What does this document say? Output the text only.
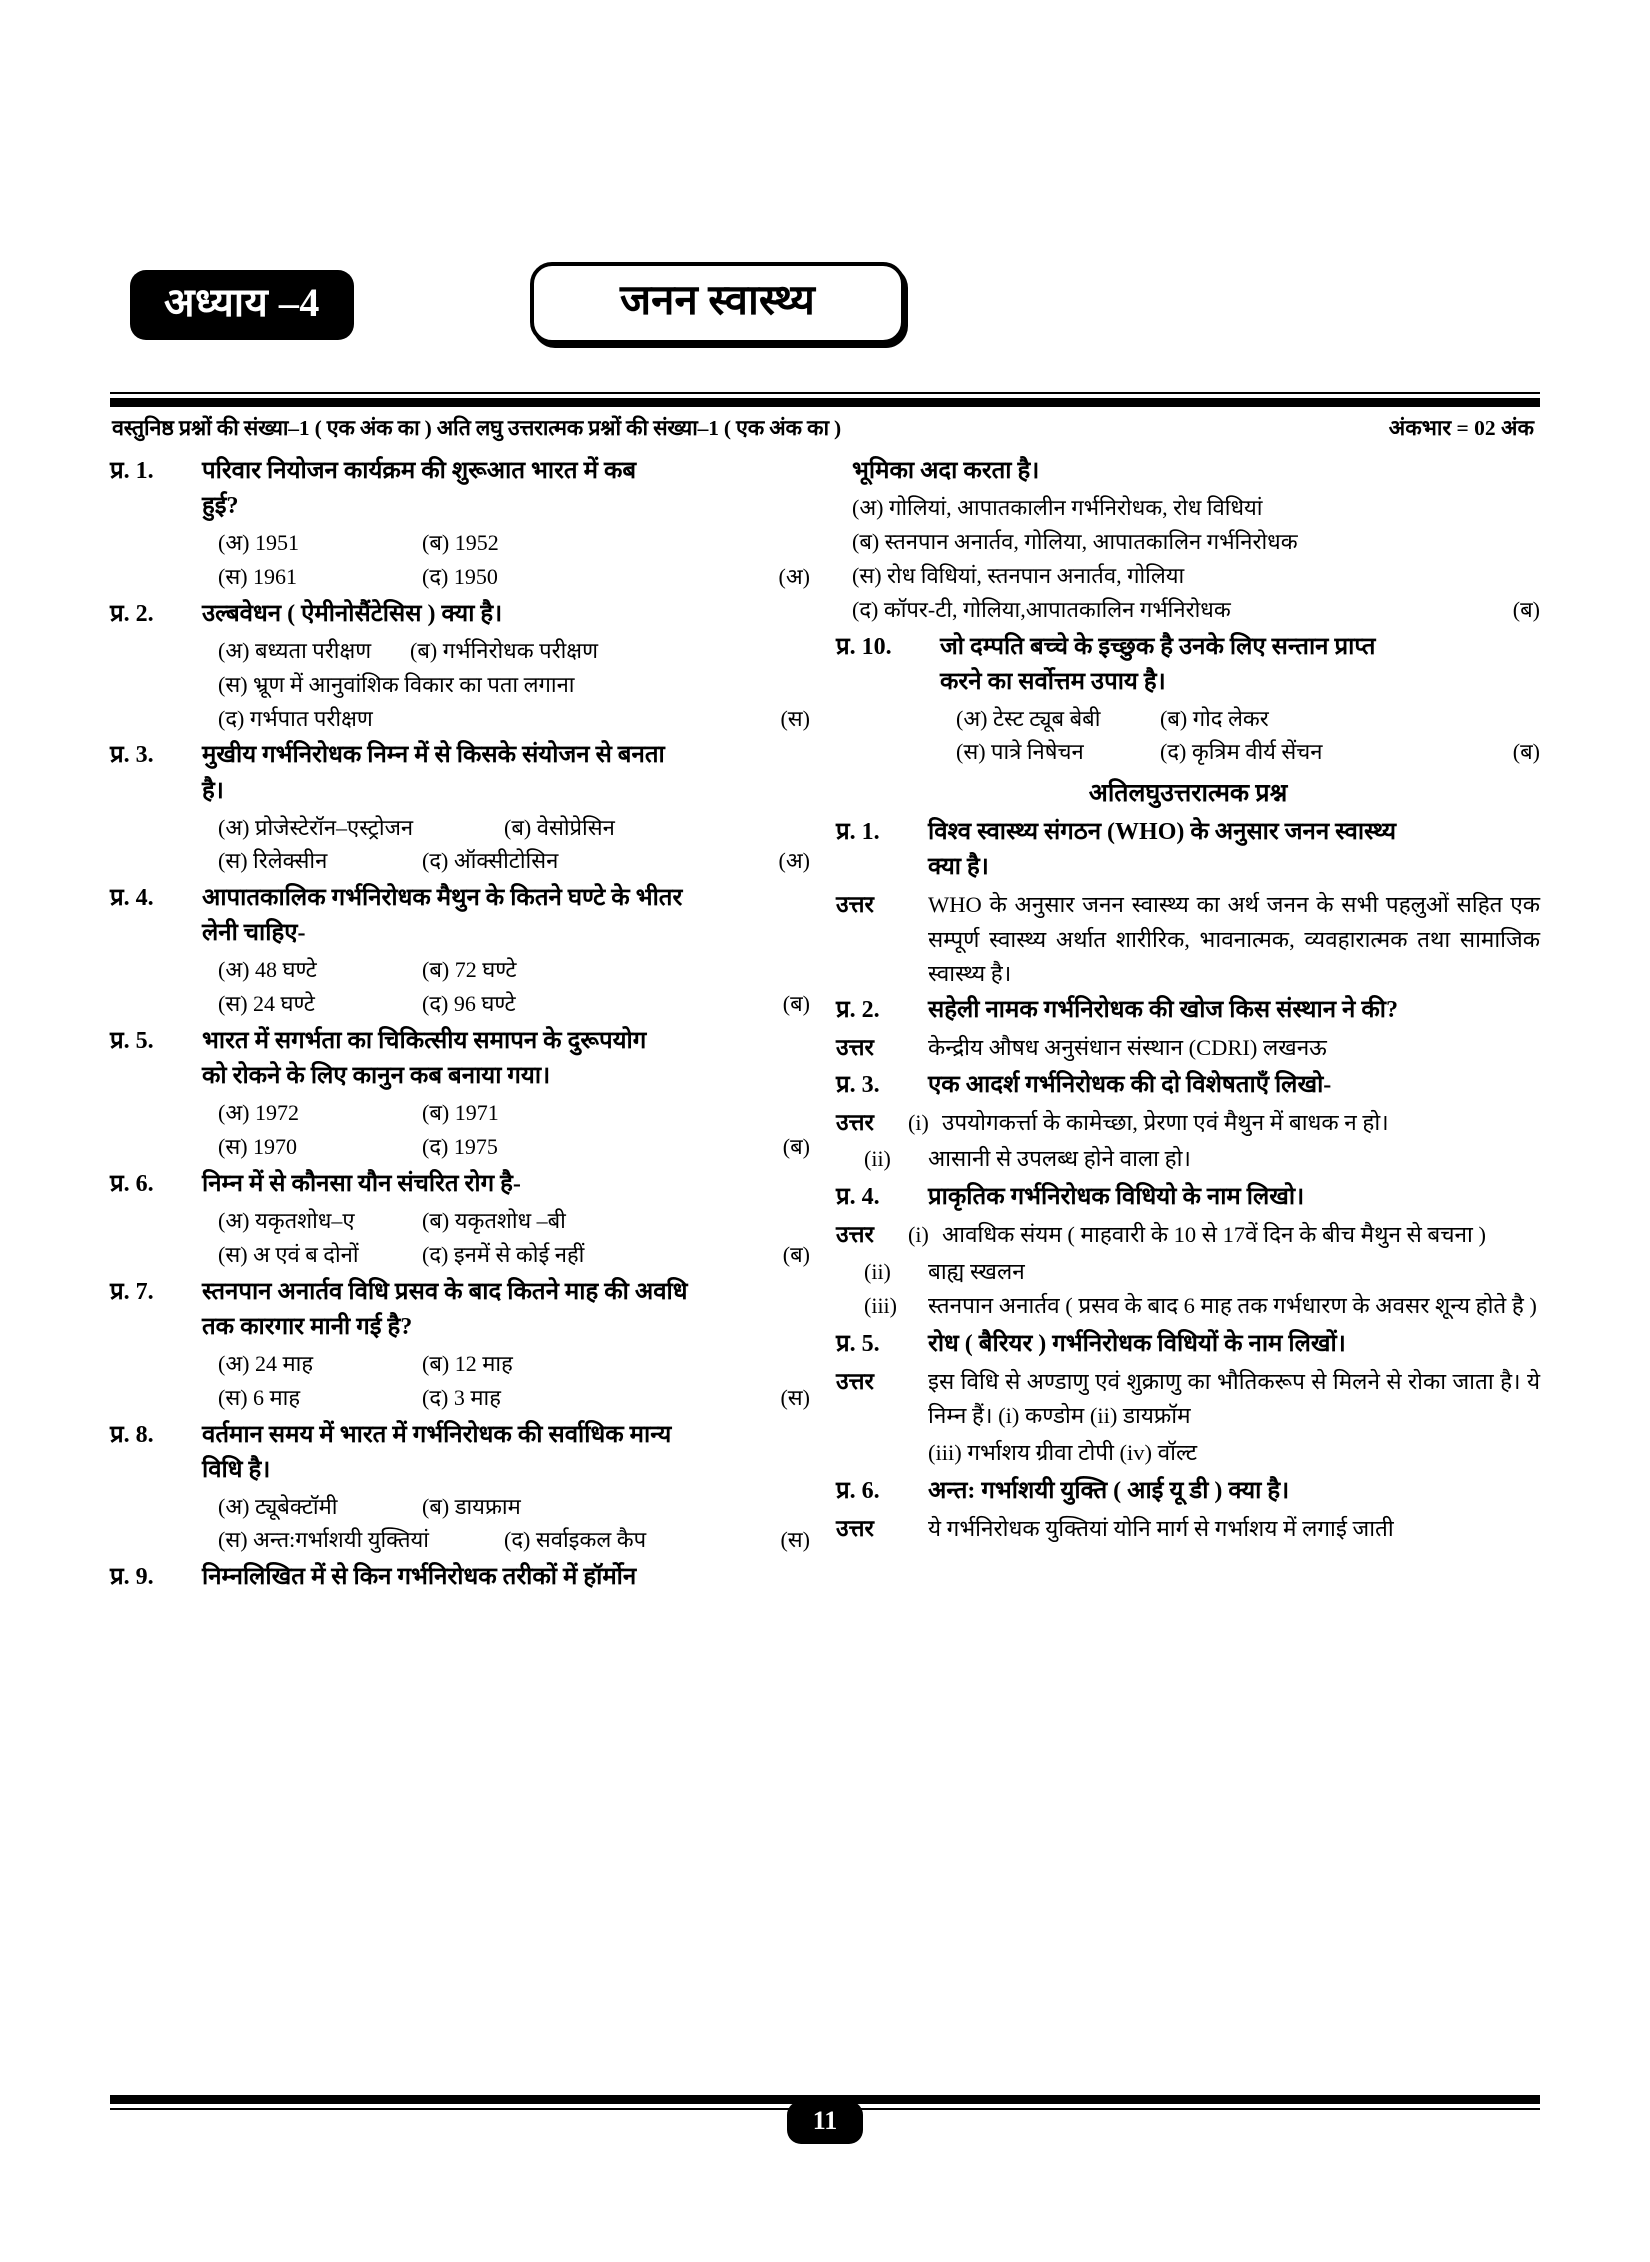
अध्याय –4	जनन स्वास्थ्य
वस्तुनिष्ठ प्रश्नों की संख्या–1 ( एक अंक का ) अति लघु उत्तरात्मक प्रश्नों की संख्या–1 ( एक अंक का )	अंकभार = 02 अंक
प्र. 1.	परिवार नियोजन कार्यक्रम की शुरूआत भारत में कब
हुई?
(अ) 1951	(ब) 1952
(स) 1961	(द) 1950	(अ)
प्र. 2.	उल्बवेधन ( ऐमीनोसैंटेसिस ) क्या है।
(अ) बध्यता परीक्षण	(ब) गर्भनिरोधक परीक्षण
(स) भ्रूण में आनुवांशिक विकार का पता लगाना
(द) गर्भपात परीक्षण	(स)
प्र. 3.	मुखीय गर्भनिरोधक निम्न में से किसके संयोजन से बनता
है।
(अ) प्रोजेस्टेरॉन–एस्ट्रोजन	(ब) वेसोप्रेसिन
(स) रिलेक्सीन	(द) ऑक्सीटोसिन	(अ)
प्र. 4.	आपातकालिक गर्भनिरोधक मैथुन के कितने घण्टे के भीतर
लेनी चाहिए-
(अ) 48 घण्टे	(ब) 72 घण्टे
(स) 24 घण्टे	(द) 96 घण्टे	(ब)
प्र. 5.	भारत में सगर्भता का चिकित्सीय समापन के दुरूपयोग
को रोकने के लिए कानुन कब बनाया गया।
(अ) 1972	(ब) 1971
(स) 1970	(द) 1975	(ब)
प्र. 6.	निम्न में से कौनसा यौन संचरित रोग है-
(अ) यकृतशोध–ए	(ब) यकृतशोध –बी
(स) अ एवं ब दोनों	(द) इनमें से कोई नहीं	(ब)
प्र. 7.	स्तनपान अनार्तव विधि प्रसव के बाद कितने माह की अवधि
तक कारगार मानी गई है?
(अ) 24 माह	(ब) 12 माह
(स) 6 माह	(द) 3 माह	(स)
प्र. 8.	वर्तमान समय में भारत में गर्भनिरोधक की सर्वाधिक मान्य
विधि है।
(अ) ट्यूबेक्टॉमी	(ब) डायफ्राम
(स) अन्त:गर्भाशयी युक्तियां	(द) सर्वाइकल कैप	(स)
प्र. 9.	निम्नलिखित में से किन गर्भनिरोधक तरीकों में हॉर्मोन
भूमिका अदा करता है।
(अ) गोलियां, आपातकालीन गर्भनिरोधक, रोध विधियां
(ब) स्तनपान अनार्तव, गोलिया, आपातकालिन गर्भनिरोधक
(स) रोध विधियां, स्तनपान अनार्तव, गोलिया
(द) कॉपर-टी, गोलिया,आपातकालिन गर्भनिरोधक	(ब)
प्र. 10.	जो दम्पति बच्चे के इच्छुक है उनके लिए सन्तान प्राप्त
करने का सर्वोत्तम उपाय है।
(अ) टेस्ट ट्यूब बेबी	(ब) गोद लेकर
(स) पात्रे निषेचन	(द) कृत्रिम वीर्य सेंचन	(ब)
अतिलघुउत्तरात्मक प्रश्न
प्र. 1.	विश्व स्वास्थ्य संगठन (WHO) के अनुसार जनन स्वास्थ्य
क्या है।
उत्तर	WHO के अनुसार जनन स्वास्थ्य का अर्थ जनन के सभी पहलुओं सहित एक सम्पूर्ण स्वास्थ्य अर्थात शारीरिक, भावनात्मक, व्यवहारात्मक तथा सामाजिक स्वास्थ्य है।
प्र. 2.	सहेली नामक गर्भनिरोधक की खोज किस संस्थान ने की?
उत्तर	केन्द्रीय औषध अनुसंधान संस्थान (CDRI) लखनऊ
प्र. 3.	एक आदर्श गर्भनिरोधक की दो विशेषताएँ लिखो-
उत्तर	(i) उपयोगकर्त्ता के कामेच्छा, प्रेरणा एवं मैथुन में बाधक न हो।
(ii)	आसानी से उपलब्ध होने वाला हो।
प्र. 4.	प्राकृतिक गर्भनिरोधक विधियो के नाम लिखो।
उत्तर	(i) आवधिक संयम ( माहवारी के 10 से 17वें दिन के बीच मैथुन से बचना )
(ii)	बाह्य स्खलन
(iii)	स्तनपान अनार्तव ( प्रसव के बाद 6 माह तक गर्भधारण के अवसर शून्य होते है )
प्र. 5.	रोध ( बैरियर ) गर्भनिरोधक विधियों के नाम लिखों।
उत्तर	इस विधि से अण्डाणु एवं शुक्राणु का भौतिकरूप से मिलने से रोका जाता है। ये निम्न हैं। (i) कण्डोम (ii) डायफ्रॉम
(iii) गर्भाशय ग्रीवा टोपी (iv) वॉल्ट
प्र. 6.	अन्त: गर्भाशयी युक्ति ( आई यू डी ) क्या है।
उत्तर	ये गर्भनिरोधक युक्तियां योनि मार्ग से गर्भाशय में लगाई जाती
11
